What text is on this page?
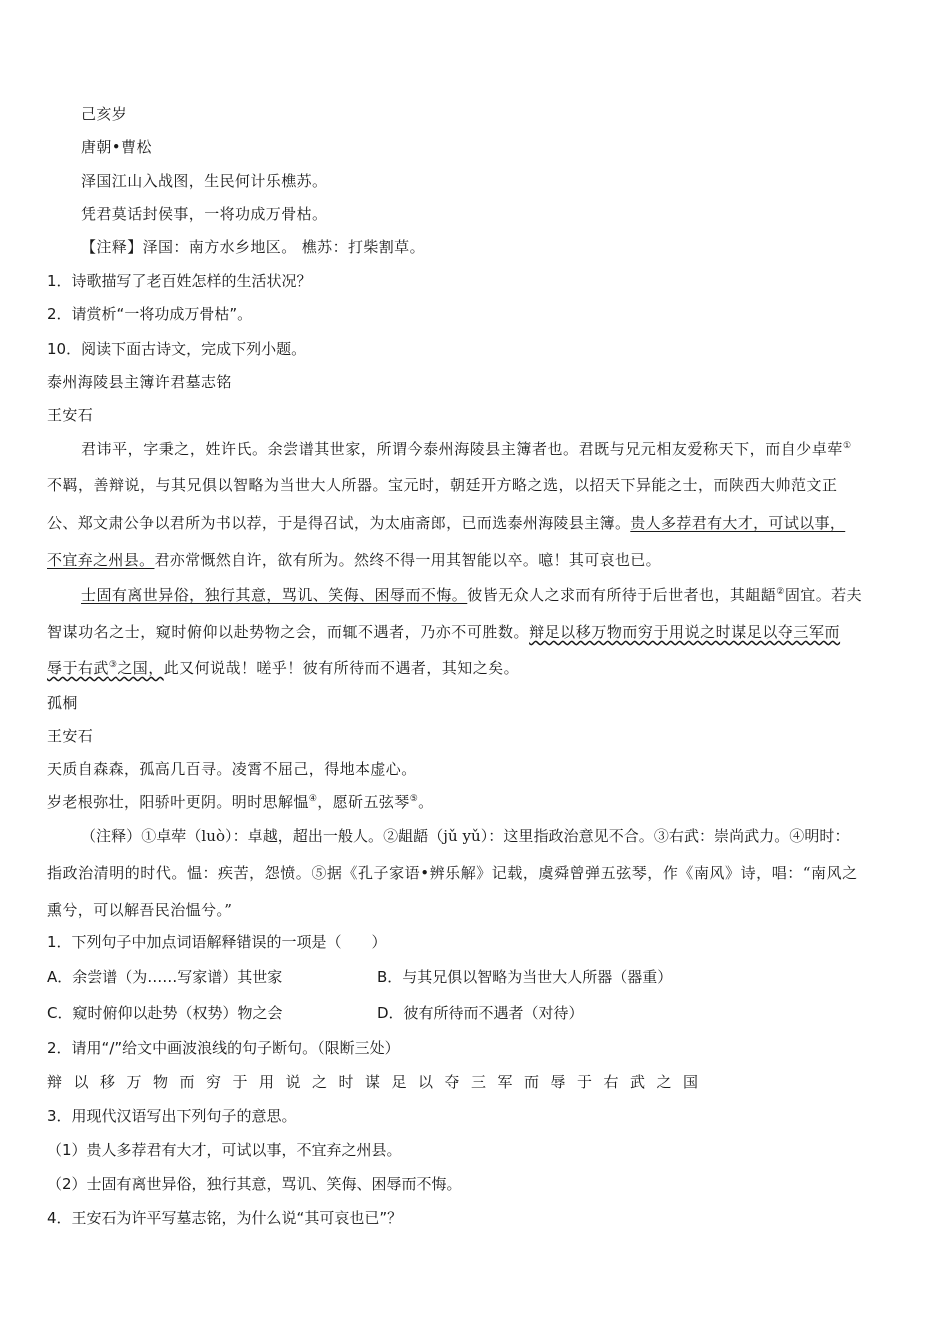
己亥岁
唐朝•曹松
泽国江山入战图，生民何计乐樵苏。
凭君莫话封侯事，一将功成万骨枯。
【注释】泽国：南方水乡地区。 樵苏：打柴割草。
1．诗歌描写了老百姓怎样的生活状况？
2．请赏析“一将功成万骨枯”。
10．阅读下面古诗文，完成下列小题。
泰州海陵县主簿许君墓志铭
王安石
君讳平，字秉之，姓许氏。余尝谱其世家，所谓今泰州海陵县主簿者也。君既与兄元相友爱称天下，而自少卓荦①
不羁，善辩说，与其兄俱以智略为当世大人所器。宝元时，朝廷开方略之选，以招天下异能之士，而陕西大帅范文正
公、郑文肃公争以君所为书以荐，于是得召试，为太庙斋郎，已而选泰州海陵县主簿。贵人多荐君有大才，可试以事，
不宜弃之州县。君亦常慨然自许，欲有所为。然终不得一用其智能以卒。噫！其可哀也已。
士固有离世异俗，独行其意，骂讥、笑侮、困辱而不悔。彼皆无众人之求而有所待于后世者也，其龃龉②固宜。若夫
智谋功名之士，窥时俯仰以赴势物之会，而辄不遇者，乃亦不可胜数。辩足以移万物而穷于用说之时谋足以夺三军而
辱于右武③之国，此又何说哉！嗟乎！彼有所待而不遇者，其知之矣。
孤桐
王安石
天质自森森，孤高几百寻。凌霄不屈己，得地本虚心。
岁老根弥壮，阳骄叶更阴。明时思解愠④，愿斫五弦琴⑤。
（注释）①卓荦（luò）：卓越，超出一般人。②龃龉（jǔ yǔ）：这里指政治意见不合。③右武：崇尚武力。④明时：
指政治清明的时代。愠：疾苦，怨愤。⑤据《孔子家语•辨乐解》记载，虞舜曾弹五弦琴，作《南风》诗，唱：“南风之
熏兮，可以解吾民治愠兮。”
1．下列句子中加点词语解释错误的一项是（　　）
A．余尝谱（为……写家谱）其世家	B．与其兄俱以智略为当世大人所器（器重）
C．窥时俯仰以赴势（权势）物之会	D．彼有所待而不遇者（对待）
2．请用“/”给文中画波浪线的句子断句。（限断三处）
辩以移万物而穷于用说之时谋足以夺三军而辱于右武之国
3．用现代汉语写出下列句子的意思。
（1）贵人多荐君有大才，可试以事，不宜弃之州县。
（2）士固有离世异俗，独行其意，骂讥、笑侮、困辱而不悔。
4．王安石为许平写墓志铭，为什么说“其可哀也已”？
